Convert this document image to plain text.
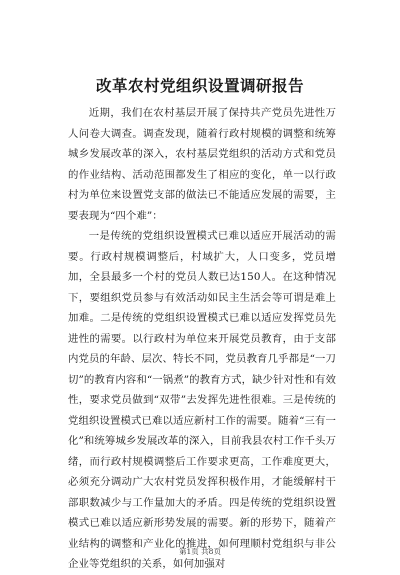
改革农村党组织设置调研报告

近期，我们在农村基层开展了保持共产党员先进性万人问卷大调查。调查发现，随着行政村规模的调整和统筹城乡发展改革的深入，农村基层党组织的活动方式和党员的作业结构、活动范围都发生了相应的变化，单一以行政村为单位来设置党支部的做法已不能适应发展的需要，主要表现为“四个难”：

一是传统的党组织设置模式已难以适应开展活动的需要。行政村规模调整后，村域扩大，人口变多，党员增加，全县最多一个村的党员人数已达150人。在这种情况下，要组织党员参与有效活动如民主生活会等可谓是难上加难。二是传统的党组织设置模式已难以适应发挥党员先进性的需要。以行政村为单位来开展党员教育，由于支部内党员的年龄、层次、特长不同，党员教育几乎都是“一刀切”的教育内容和“一锅煮”的教育方式，缺少针对性和有效性，要求党员做到“双带”去发挥先进性很难。三是传统的党组织设置模式已难以适应新村工作的需要。随着“三有一化”和统筹城乡发展改革的深入，目前我县农村工作千头万绪，而行政村规模调整后工作要求更高，工作难度更大，必须充分调动广大农村党员发挥积极作用，才能缓解村干部职数减少与工作量加大的矛盾。四是传统的党组织设置模式已难以适应新形势发展的需要。新的形势下，随着产业结构的调整和产业化的推进，如何理顺村党组织与非公企业等党组织的关系，如何加强对

第1页 共8页
